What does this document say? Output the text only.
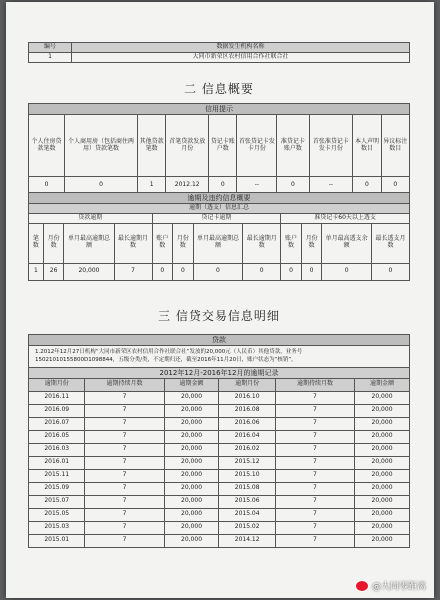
编号	数据发生机构名称
1	大同市新荣区农村信用合作社联合社
二 信息概要
信用提示									
个人住房贷款笔数	个人商用房（包括商住两用）贷款笔数	其他贷款笔数	首笔贷款发放月份	贷记卡账户数	首张贷记卡发卡月份	准贷记卡账户数	首张准贷记卡发卡月份	本人声明数目	异议标注数目
0	0	1	2012.12	0	--	0	--	0	0
逾期及违约信息概要											
逾期（透支）信息汇总											
贷款逾期				贷记卡逾期				准贷记卡60天以上透支			
笔数	月份数	单月最高逾期总额	最长逾期月数	账户数	月份数	单月最高逾期总额	最长逾期月数	账户数	月份数	单月最高透支余额	最长透支月数
1	26	20,000	7	0	0	0	0	0	0	0	0
三 信贷交易信息明细
贷款					

1.2012年12月27日机构“大同市新荣区农村信用合作社联合社”发放的20,000元（人民币）其他贷款，业务号
15021010155800D1098844，五级分类/类，不定期归还，截至2016年11月20日，账户状态为“核销”。					

2012年12月-2016年12月的逾期记录					
逾期月份	逾期持续月数	逾期金额	逾期月份	逾期持续月数	逾期金额
2016.11	7	20,000	2016.10	7	20,000
2016.09	7	20,000	2016.08	7	20,000
2016.07	7	20,000	2016.06	7	20,000
2016.05	7	20,000	2016.04	7	20,000
2016.03	7	20,000	2016.02	7	20,000
2016.01	7	20,000	2015.12	7	20,000
2015.11	7	20,000	2015.10	7	20,000
2015.09	7	20,000	2015.08	7	20,000
2015.07	7	20,000	2015.06	7	20,000
2015.05	7	20,000	2015.04	7	20,000
2015.03	7	20,000	2015.02	7	20,000
2015.01	7	20,000	2014.12	7	20,000
@大同零距离
